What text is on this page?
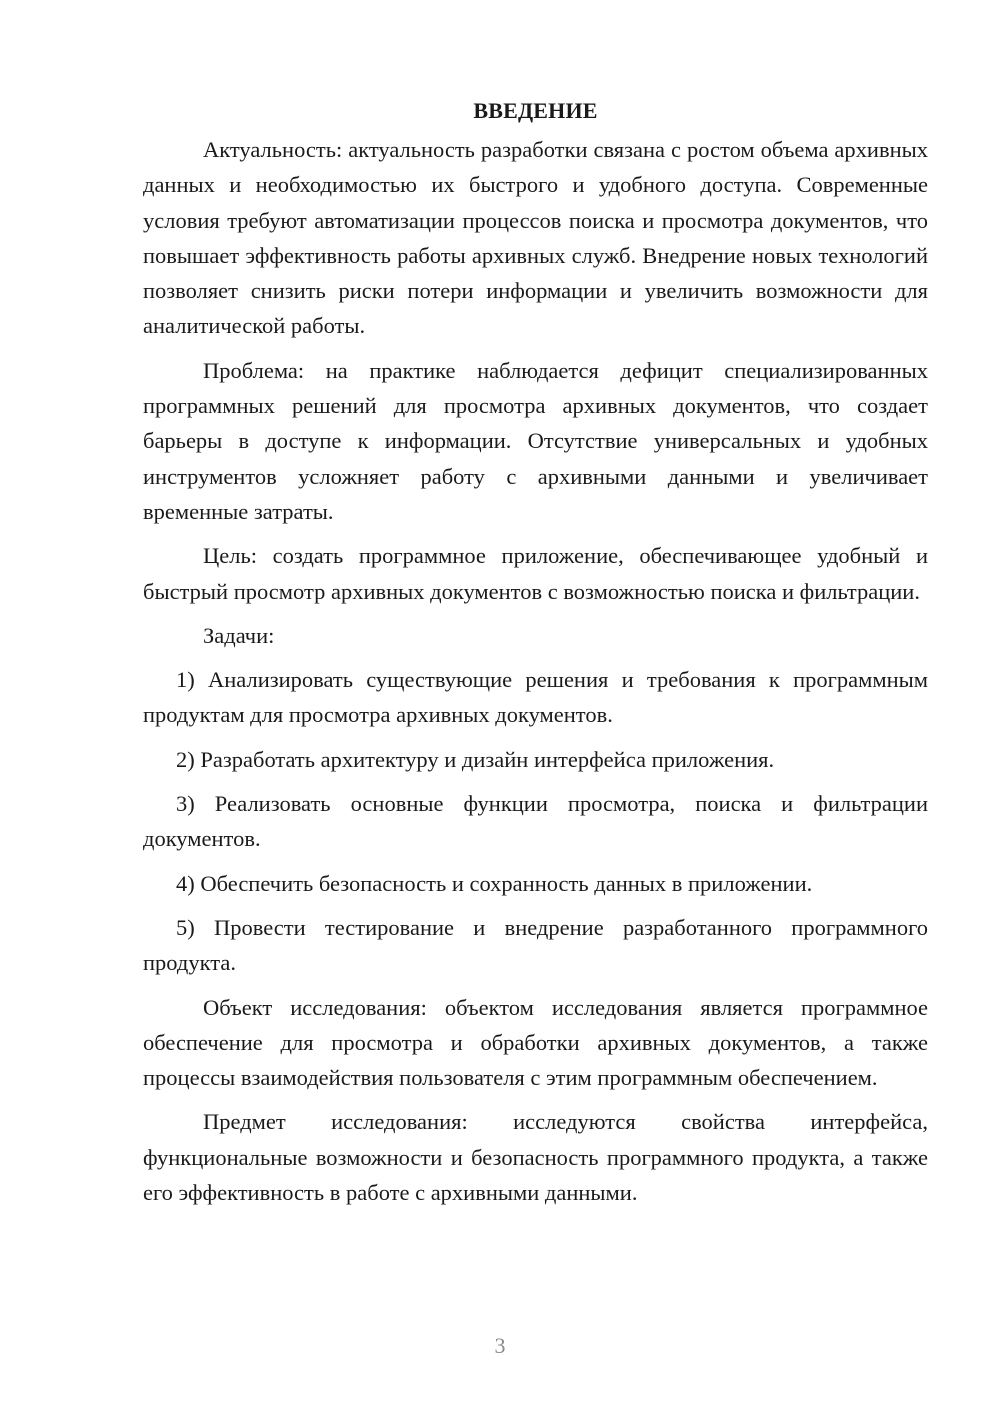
ВВЕДЕНИЕ

Актуальность: актуальность разработки связана с ростом объема архивных данных и необходимостью их быстрого и удобного доступа. Современные условия требуют автоматизации процессов поиска и просмотра документов, что повышает эффективность работы архивных служб. Внедрение новых технологий позволяет снизить риски потери информации и увеличить возможности для аналитической работы.

Проблема: на практике наблюдается дефицит специализированных программных решений для просмотра архивных документов, что создает барьеры в доступе к информации. Отсутствие универсальных и удобных инструментов усложняет работу с архивными данными и увеличивает временные затраты.

Цель: создать программное приложение, обеспечивающее удобный и быстрый просмотр архивных документов с возможностью поиска и фильтрации.

Задачи:

1) Анализировать существующие решения и требования к программным продуктам для просмотра архивных документов.

2) Разработать архитектуру и дизайн интерфейса приложения.

3) Реализовать основные функции просмотра, поиска и фильтрации документов.

4) Обеспечить безопасность и сохранность данных в приложении.

5) Провести тестирование и внедрение разработанного программного продукта.

Объект исследования: объектом исследования является программное обеспечение для просмотра и обработки архивных документов, а также процессы взаимодействия пользователя с этим программным обеспечением.

Предмет исследования: исследуются свойства интерфейса, функциональные возможности и безопасность программного продукта, а также его эффективность в работе с архивными данными.

3
